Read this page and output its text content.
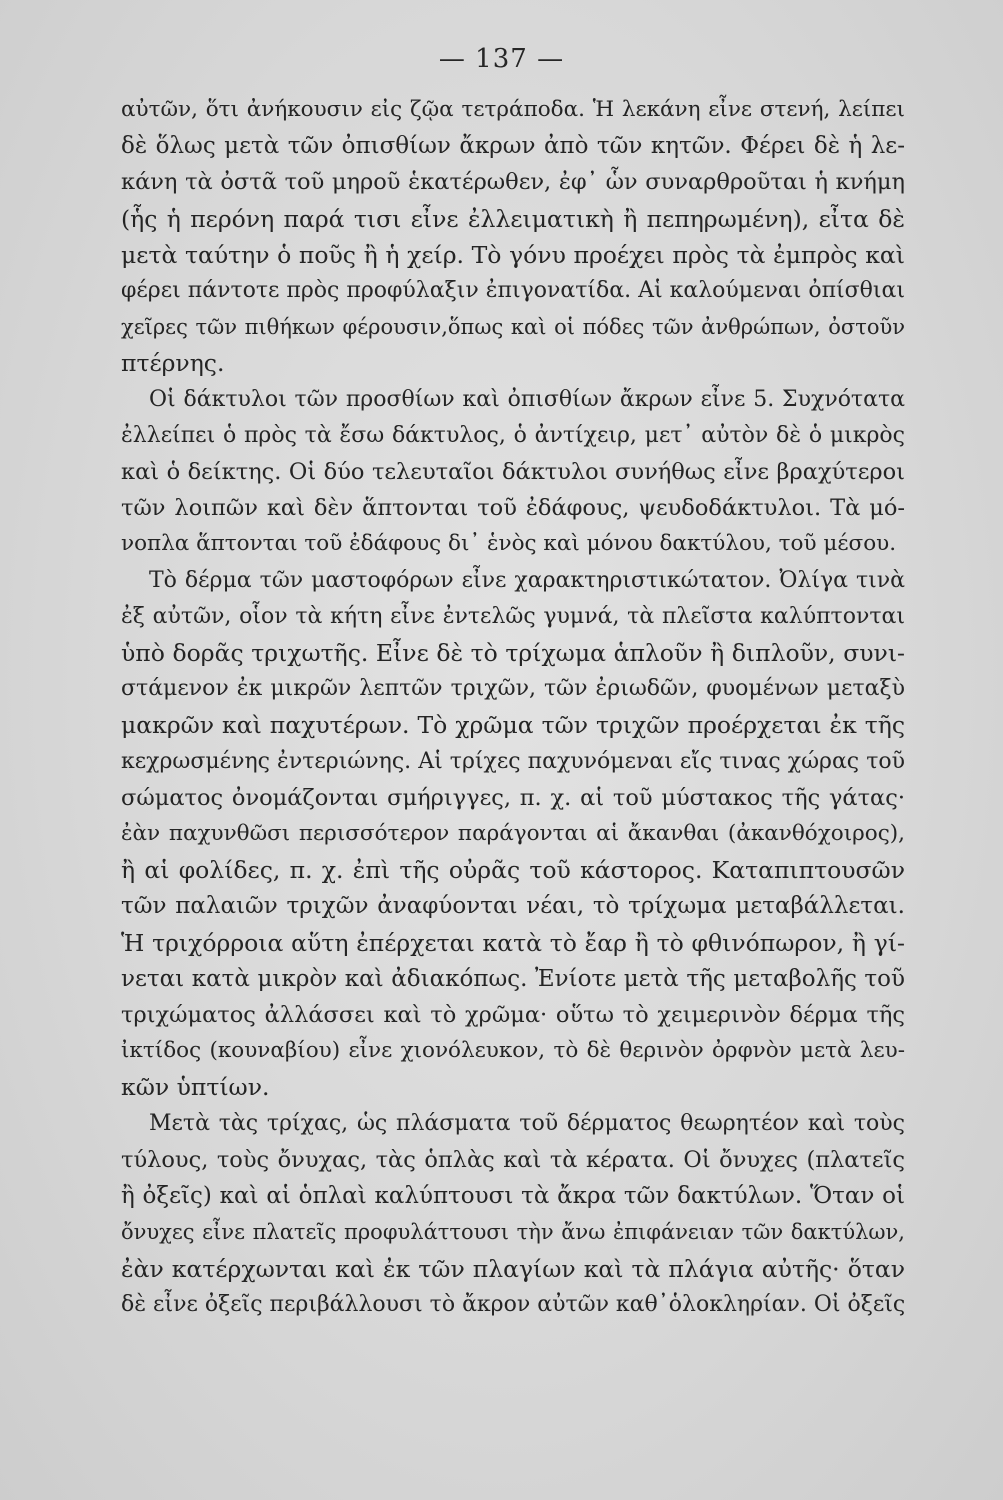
— 137 —
αὐτῶν, ὅτι ἀνήκουσιν εἰς ζῷα τετράποδα. Ἡ λεκάνη εἶνε στενή, λείπει
δὲ ὅλως μετὰ τῶν ὀπισθίων ἄκρων ἀπὸ τῶν κητῶν. Φέρει δὲ ἡ λε-
κάνη τὰ ὀστᾶ τοῦ μηροῦ ἑκατέρωθεν, ἐφ᾽ ὧν συναρθροῦται ἡ κνήμη
(ἧς ἡ περόνη παρά τισι εἶνε ἐλλειματικὴ ἢ πεπηρωμένη), εἶτα δὲ
μετὰ ταύτην ὁ ποῦς ἢ ἡ χείρ. Τὸ γόνυ προέχει πρὸς τὰ ἐμπρὸς καὶ
φέρει πάντοτε πρὸς προφύλαξιν ἐπιγονατίδα. Αἱ καλούμεναι ὀπίσθιαι
χεῖρες τῶν πιθήκων φέρουσιν,ὅπως καὶ οἱ πόδες τῶν ἀνθρώπων, ὀστοῦν
πτέρνης.
Οἱ δάκτυλοι τῶν προσθίων καὶ ὀπισθίων ἄκρων εἶνε 5. Συχνότατα
ἐλλείπει ὁ πρὸς τὰ ἔσω δάκτυλος, ὁ ἀντίχειρ, μετ᾽ αὐτὸν δὲ ὁ μικρὸς
καὶ ὁ δείκτης. Οἱ δύο τελευταῖοι δάκτυλοι συνήθως εἶνε βραχύτεροι
τῶν λοιπῶν καὶ δὲν ἅπτονται τοῦ ἐδάφους, ψευδοδάκτυλοι. Τὰ μό-
νοπλα ἅπτονται τοῦ ἐδάφους δι᾽ ἑνὸς καὶ μόνου δακτύλου, τοῦ μέσου.
Τὸ δέρμα τῶν μαστοφόρων εἶνε χαρακτηριστικώτατον. Ὀλίγα τινὰ
ἐξ αὐτῶν, οἷον τὰ κήτη εἶνε ἐντελῶς γυμνά, τὰ πλεῖστα καλύπτονται
ὑπὸ δορᾶς τριχωτῆς. Εἶνε δὲ τὸ τρίχωμα ἁπλοῦν ἢ διπλοῦν, συνι-
στάμενον ἐκ μικρῶν λεπτῶν τριχῶν, τῶν ἐριωδῶν, φυομένων μεταξὺ
μακρῶν καὶ παχυτέρων. Τὸ χρῶμα τῶν τριχῶν προέρχεται ἐκ τῆς
κεχρωσμένης ἐντεριώνης. Αἱ τρίχες παχυνόμεναι εἴς τινας χώρας τοῦ
σώματος ὀνομάζονται σμήριγγες, π. χ. αἱ τοῦ μύστακος τῆς γάτας·
ἐὰν παχυνθῶσι περισσότερον παράγονται αἱ ἄκανθαι (ἀκανθόχοιρος),
ἢ αἱ φολίδες, π. χ. ἐπὶ τῆς οὐρᾶς τοῦ κάστορος. Καταπιπτουσῶν
τῶν παλαιῶν τριχῶν ἀναφύονται νέαι, τὸ τρίχωμα μεταβάλλεται.
Ἡ τριχόρροια αὕτη ἐπέρχεται κατὰ τὸ ἔαρ ἢ τὸ φθινόπωρον, ἢ γί-
νεται κατὰ μικρὸν καὶ ἀδιακόπως. Ἐνίοτε μετὰ τῆς μεταβολῆς τοῦ
τριχώματος ἀλλάσσει καὶ τὸ χρῶμα· οὕτω τὸ χειμερινὸν δέρμα τῆς
ἰκτίδος (κουναβίου) εἶνε χιονόλευκον, τὸ δὲ θερινὸν ὀρφνὸν μετὰ λευ-
κῶν ὑπτίων.
Μετὰ τὰς τρίχας, ὡς πλάσματα τοῦ δέρματος θεωρητέον καὶ τοὺς
τύλους, τοὺς ὄνυχας, τὰς ὁπλὰς καὶ τὰ κέρατα. Οἱ ὄνυχες (πλατεῖς
ἢ ὀξεῖς) καὶ αἱ ὁπλαὶ καλύπτουσι τὰ ἄκρα τῶν δακτύλων. Ὅταν οἱ
ὄνυχες εἶνε πλατεῖς προφυλάττουσι τὴν ἄνω ἐπιφάνειαν τῶν δακτύλων,
ἐὰν κατέρχωνται καὶ ἐκ τῶν πλαγίων καὶ τὰ πλάγια αὐτῆς· ὅταν
δὲ εἶνε ὀξεῖς περιβάλλουσι τὸ ἄκρον αὐτῶν καθ᾽ὁλοκληρίαν. Οἱ ὀξεῖς
